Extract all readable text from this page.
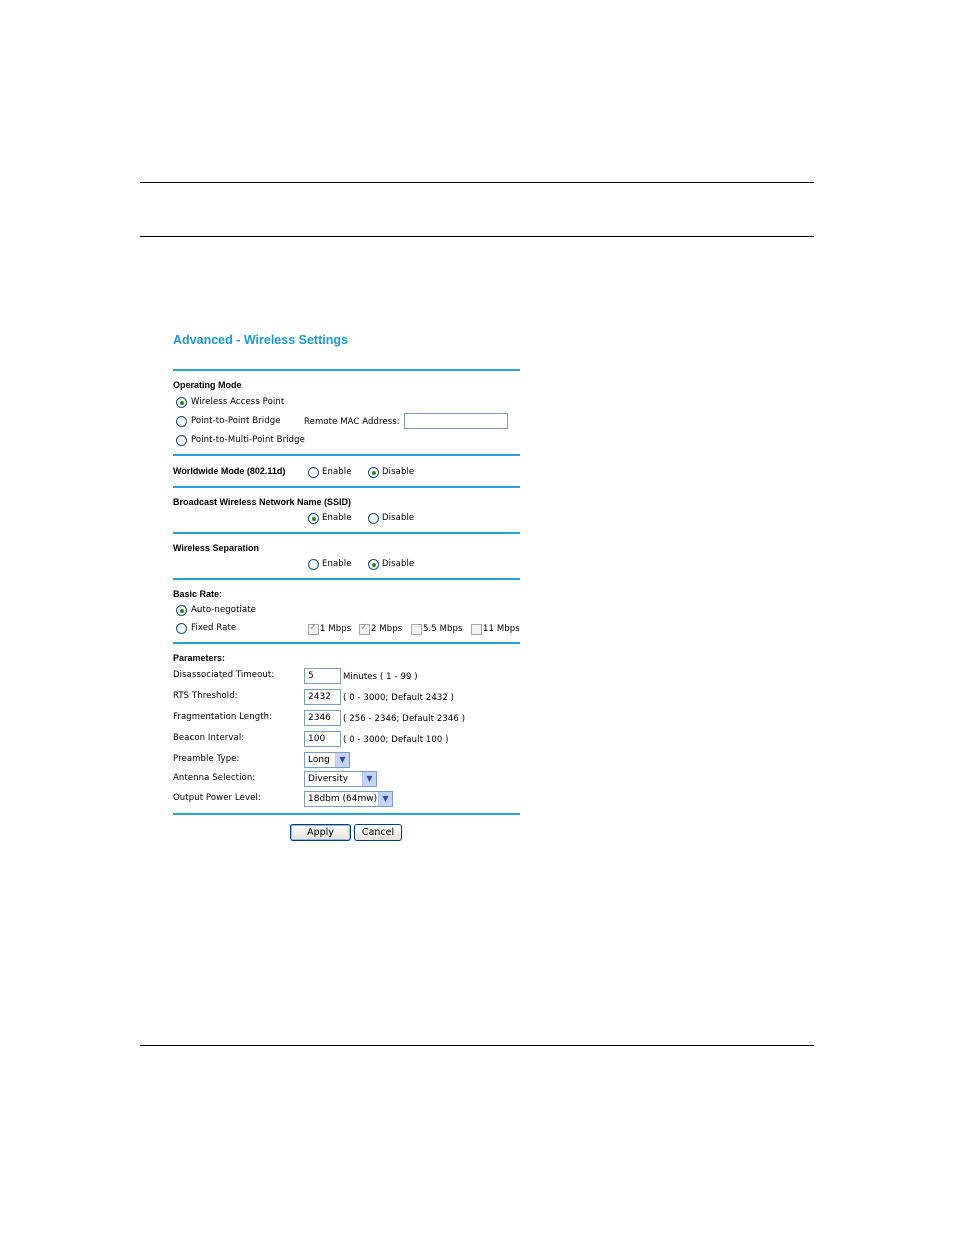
Advanced - Wireless Settings
Operating Mode
Wireless Access Point
Point-to-Point Bridge	Remote MAC Address:
Point-to-Multi-Point Bridge
Worldwide Mode (802.11d)	Enable	Disable
Broadcast Wireless Network Name (SSID)
Enable	Disable
Wireless Separation
Enable	Disable
Basic Rate:
Auto-negotiate
Fixed Rate ✓	1 Mbps ✓ 2 Mbps 5.5 Mbps 11 Mbps
Parameters:
Disassociated Timeout:	5	Minutes ( 1 - 99 )
RTS Threshold:	2432	( 0 - 3000; Default 2432 )
Fragmentation Length:	2346	( 256 - 2346; Default 2346 )
Beacon Interval:	100	( 0 - 3000; Default 100 )
Preamble Type:	Long	▼
Antenna Selection:	Diversity	▼
Output Power Level:	18dbm (64mw) ▼
Apply	Cancel
